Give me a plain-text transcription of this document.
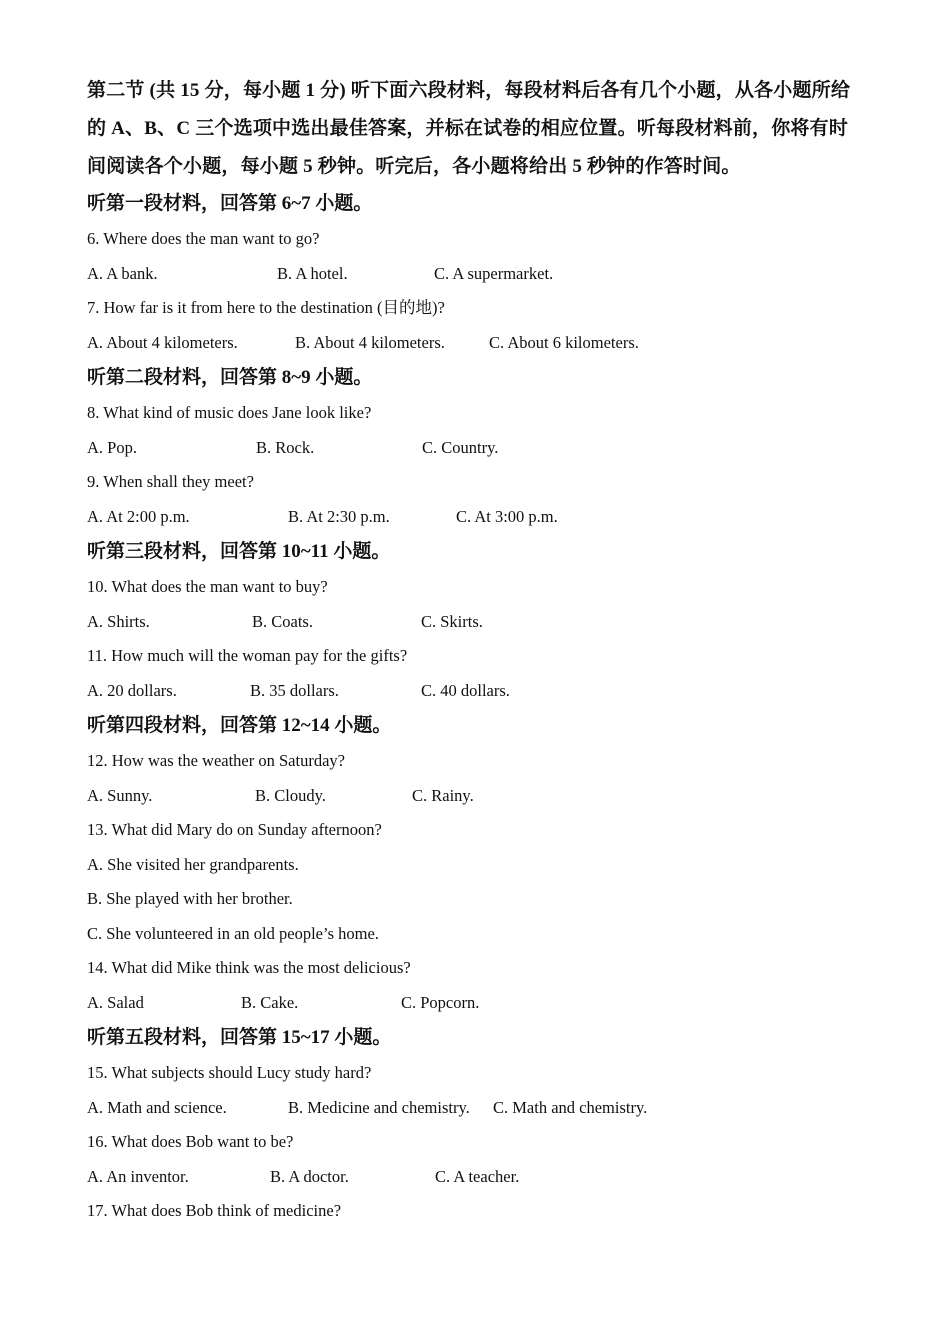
第二节 (共 15 分，每小题 1 分) 听下面六段材料，每段材料后各有几个小题，从各小题所给的 A、B、C 三个选项中选出最佳答案，并标在试卷的相应位置。听每段材料前，你将有时间阅读各个小题，每小题 5 秒钟。听完后，各小题将给出 5 秒钟的作答时间。

听第一段材料，回答第 6~7 小题。

6. Where does the man want to go?

A. A bank.	B. A hotel.	C. A supermarket.

7. How far is it from here to the destination (目的地)?

A. About 4 kilometers.	B. About 4 kilometers.	C. About 6 kilometers.

听第二段材料，回答第 8~9 小题。

8. What kind of music does Jane look like?

A. Pop.	B. Rock.	C. Country.

9. When shall they meet?

A. At 2:00 p.m.	B. At 2:30 p.m.	C. At 3:00 p.m.

听第三段材料，回答第 10~11 小题。

10. What does the man want to buy?

A. Shirts.	B. Coats.	C. Skirts.

11. How much will the woman pay for the gifts?

A. 20 dollars.	B. 35 dollars.	C. 40 dollars.

听第四段材料，回答第 12~14 小题。

12. How was the weather on Saturday?

A. Sunny.	B. Cloudy.	C. Rainy.

13. What did Mary do on Sunday afternoon?

A. She visited her grandparents.

B. She played with her brother.

C. She volunteered in an old people’s home.

14. What did Mike think was the most delicious?

A. Salad	B. Cake.	C. Popcorn.

听第五段材料，回答第 15~17 小题。

15. What subjects should Lucy study hard?

A. Math and science.	B. Medicine and chemistry. C. Math and chemistry.

16. What does Bob want to be?

A. An inventor.	B. A doctor.	C. A teacher.

17. What does Bob think of medicine?
